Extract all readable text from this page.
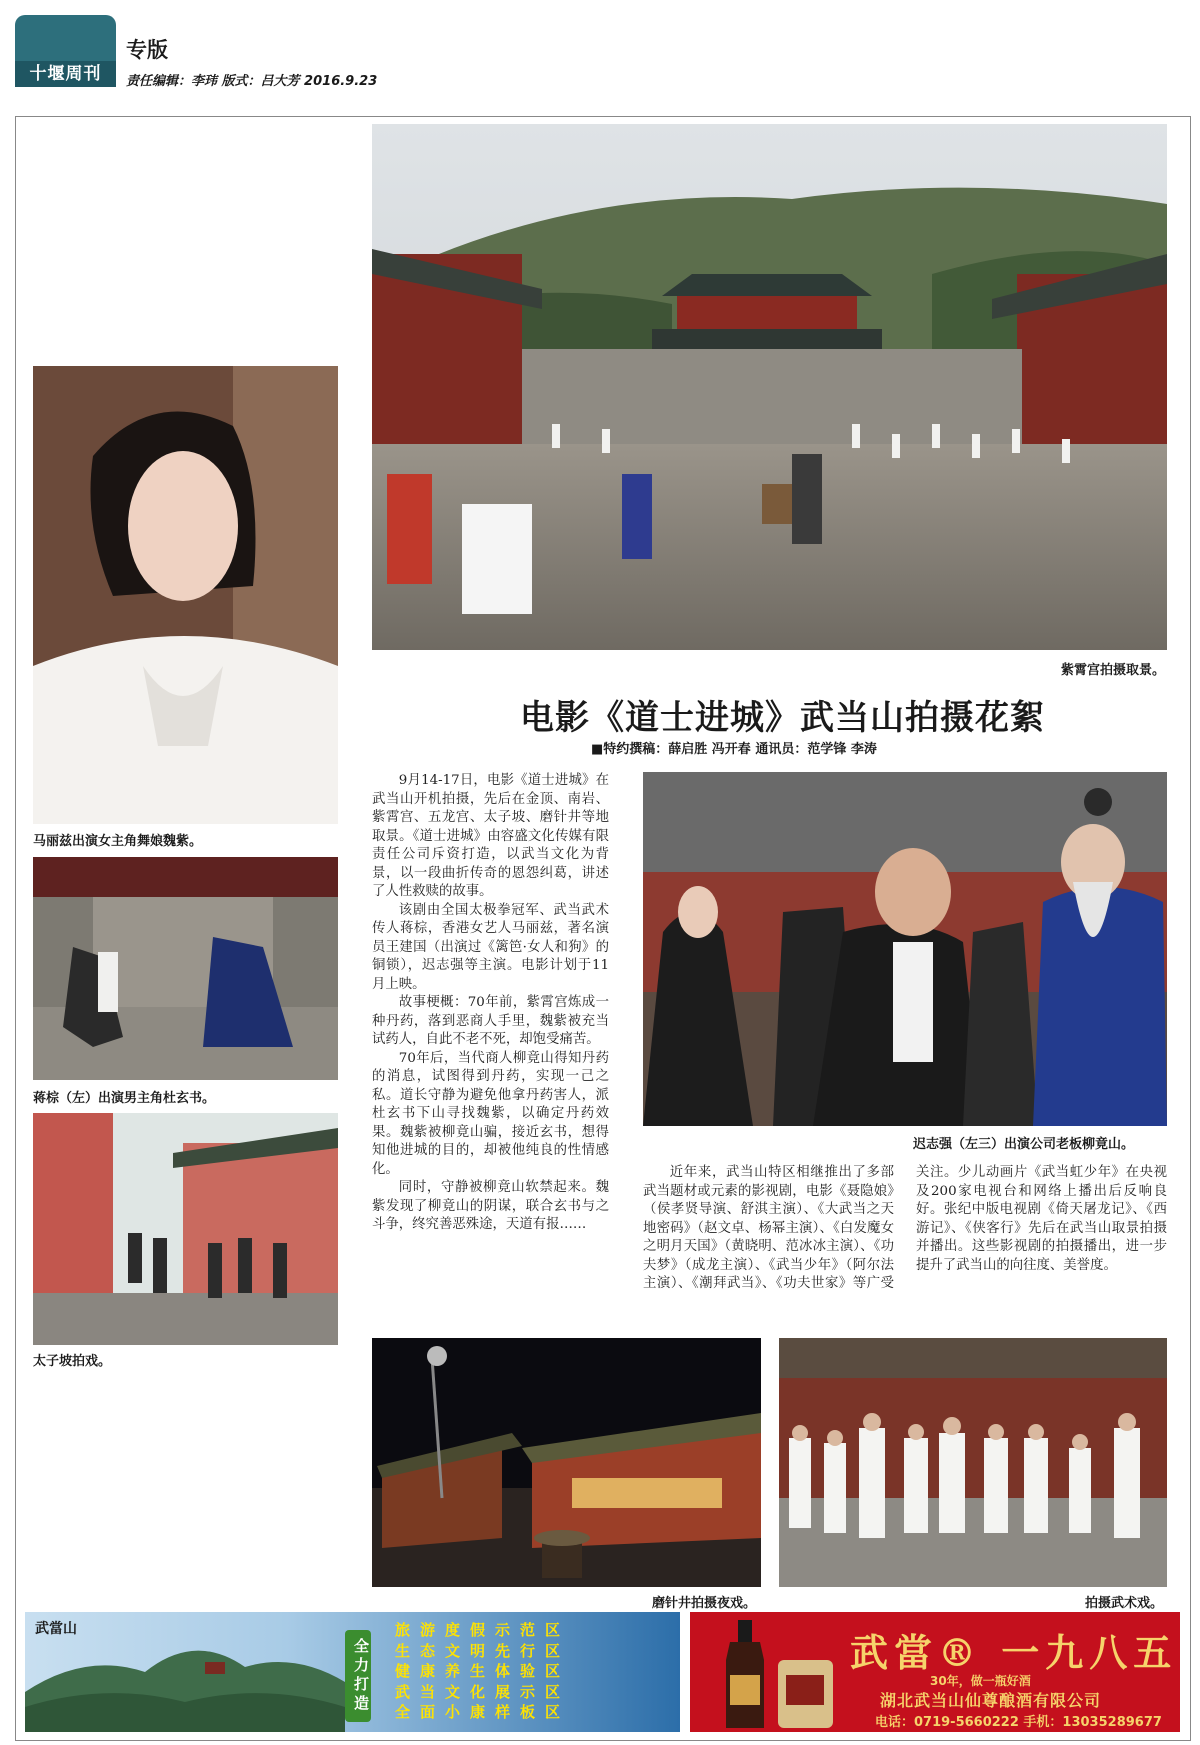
十堰周刊
专版
责任编辑：李玮 版式：吕大芳 2016.9.23
紫霄宫拍摄取景。
马丽兹出演女主角舞娘魏紫。
蒋棕（左）出演男主角杜玄书。
太子坡拍戏。
电影《道士进城》武当山拍摄花絮
■特约撰稿：薛启胜 冯开春 通讯员：范学锋 李涛

9月14-17日，电影《道士进城》在武当山开机拍摄，先后在金顶、南岩、紫霄宫、五龙宫、太子坡、磨针井等地取景。《道士进城》由容盛文化传媒有限责任公司斥资打造，以武当文化为背景，以一段曲折传奇的恩怨纠葛，讲述了人性救赎的故事。

该剧由全国太极拳冠军、武当武术传人蒋棕，香港女艺人马丽兹，著名演员王建国（出演过《篱笆·女人和狗》的铜锁），迟志强等主演。电影计划于11月上映。

故事梗概：70年前，紫霄宫炼成一种丹药，落到恶商人手里，魏紫被充当试药人，自此不老不死，却饱受痛苦。

70年后，当代商人柳竟山得知丹药的消息，试图得到丹药，实现一己之私。道长守静为避免他拿丹药害人，派杜玄书下山寻找魏紫，以确定丹药效果。魏紫被柳竟山骗，接近玄书，想得知他进城的目的，却被他纯良的性情感化。

同时，守静被柳竟山软禁起来。魏紫发现了柳竟山的阴谋，联合玄书与之斗争，终究善恶殊途，天道有报……

迟志强（左三）出演公司老板柳竟山。

近年来，武当山特区相继推出了多部武当题材或元素的影视剧，电影《聂隐娘》（侯孝贤导演、舒淇主演）、《大武当之天地密码》（赵文卓、杨幂主演）、《白发魔女之明月天国》（黄晓明、范冰冰主演）、《功夫梦》（成龙主演）、《武当少年》（阿尔法主演）、《潮拜武当》、《功夫世家》等广受关注。少儿动画片《武当虹少年》在央视及200家电视台和网络上播出后反响良好。张纪中版电视剧《倚天屠龙记》、《西游记》、《侠客行》先后在武当山取景拍摄并播出。这些影视剧的拍摄播出，进一步提升了武当山的向往度、美誉度。

磨针井拍摄夜戏。	拍摄武术戏。
武當山
全力打造
旅游度假示范区
生态文明先行区
健康养生体验区
武当文化展示区
全面小康样板区
武當® 一九八五
30年，做一瓶好酒
湖北武当山仙尊酿酒有限公司
电话：0719-5660222 手机：13035289677
